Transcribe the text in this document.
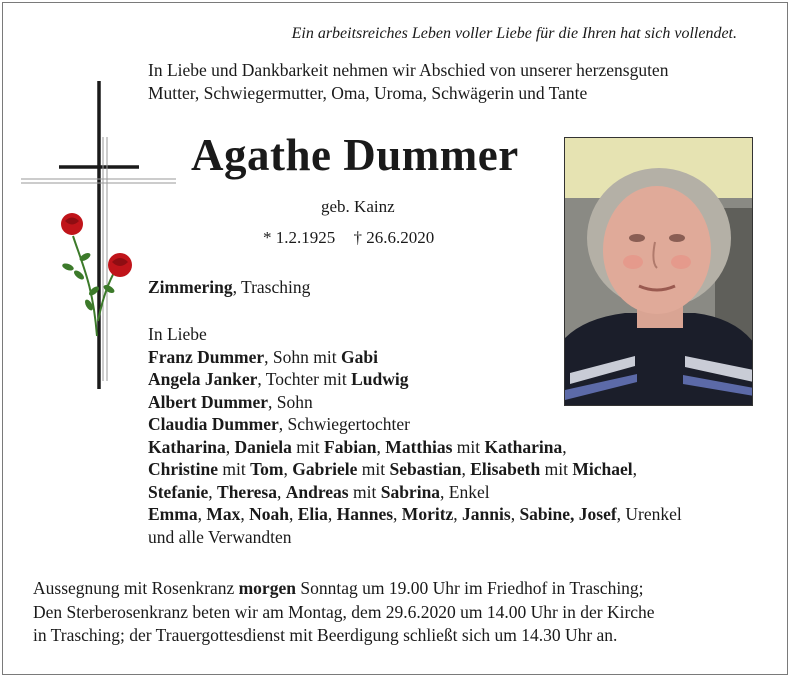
Ein arbeitsreiches Leben voller Liebe für die Ihren hat sich vollendet.
In Liebe und Dankbarkeit nehmen wir Abschied von unserer herzensguten
Mutter, Schwiegermutter, Oma, Uroma, Schwägerin und Tante
Agathe Dummer
geb. Kainz
* 1.2.1925 † 26.6.2020
Zimmering, Trasching
In Liebe
Franz Dummer, Sohn mit Gabi
Angela Janker, Tochter mit Ludwig
Albert Dummer, Sohn
Claudia Dummer, Schwiegertochter
Katharina, Daniela mit Fabian, Matthias mit Katharina,
Christine mit Tom, Gabriele mit Sebastian, Elisabeth mit Michael,
Stefanie, Theresa, Andreas mit Sabrina, Enkel
Emma, Max, Noah, Elia, Hannes, Moritz, Jannis, Sabine, Josef, Urenkel
und alle Verwandten
Aussegnung mit Rosenkranz morgen Sonntag um 19.00 Uhr im Friedhof in Trasching;
Den Sterberosenkranz beten wir am Montag, dem 29.6.2020 um 14.00 Uhr in der Kirche
in Trasching; der Trauergottesdienst mit Beerdigung schließt sich um 14.30 Uhr an.
